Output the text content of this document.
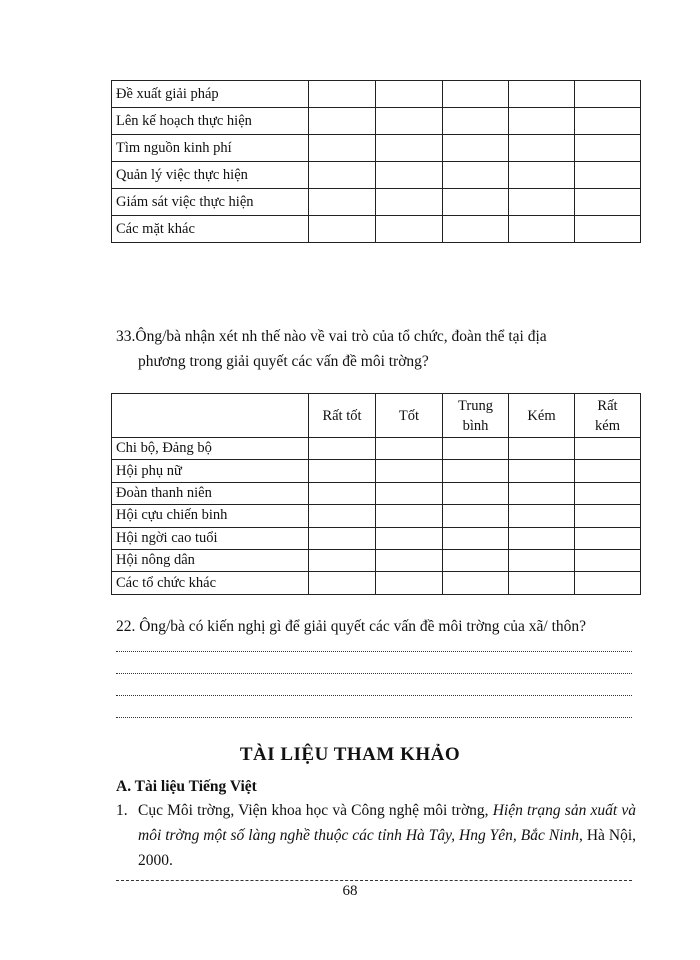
Đề xuất giải pháp					
Lên kế hoạch thực hiện					
Tìm nguồn kinh phí					
Quản lý việc thực hiện					
Giám sát việc thực hiện					
Các mặt khác					
33.Ông/bà nhận xét nh thế nào về vai trò của tổ chức, đoàn thể tại địa
phương trong giải quyết các vấn đề môi trờng?
	Rất tốt	Tốt	Trung bình	Kém	Rất kém
Chi bộ, Đảng bộ					
Hội phụ nữ					
Đoàn thanh niên					
Hội cựu chiến binh					
Hội ngời cao tuổi					
Hội nông dân					
Các tổ chức khác					
22. Ông/bà có kiến nghị gì để giải quyết các vấn đề môi trờng của xã/ thôn?
TÀI LIỆU THAM KHẢO
A. Tài liệu Tiếng Việt
1. Cục Môi trờng, Viện khoa học và Công nghệ môi trờng, Hiện trạng sản xuất và môi trờng một số làng nghề thuộc các tỉnh Hà Tây, Hng Yên, Bắc Ninh, Hà Nội, 2000.
68
